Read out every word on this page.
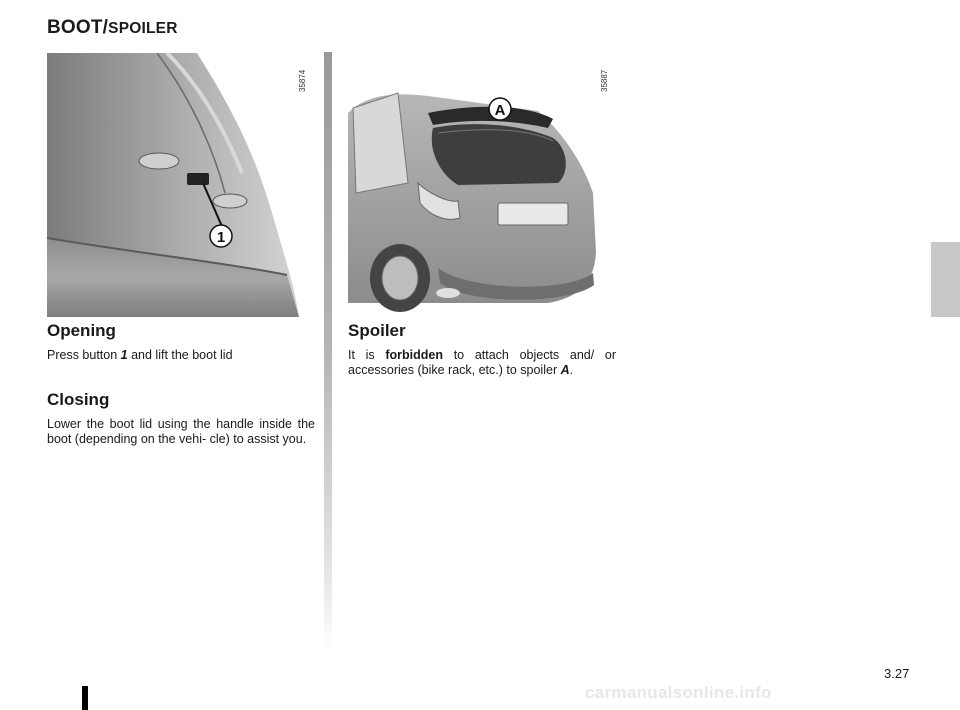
BOOT/SPOILER
1
35874
A
35887
Opening

Press button 1 and lift the boot lid

Closing

Lower the boot lid using the handle inside the boot (depending on the vehi- cle) to assist you.

Spoiler

It is forbidden to attach objects and/ or accessories (bike rack, etc.) to spoiler A.

3.27
carmanualsonline.info
